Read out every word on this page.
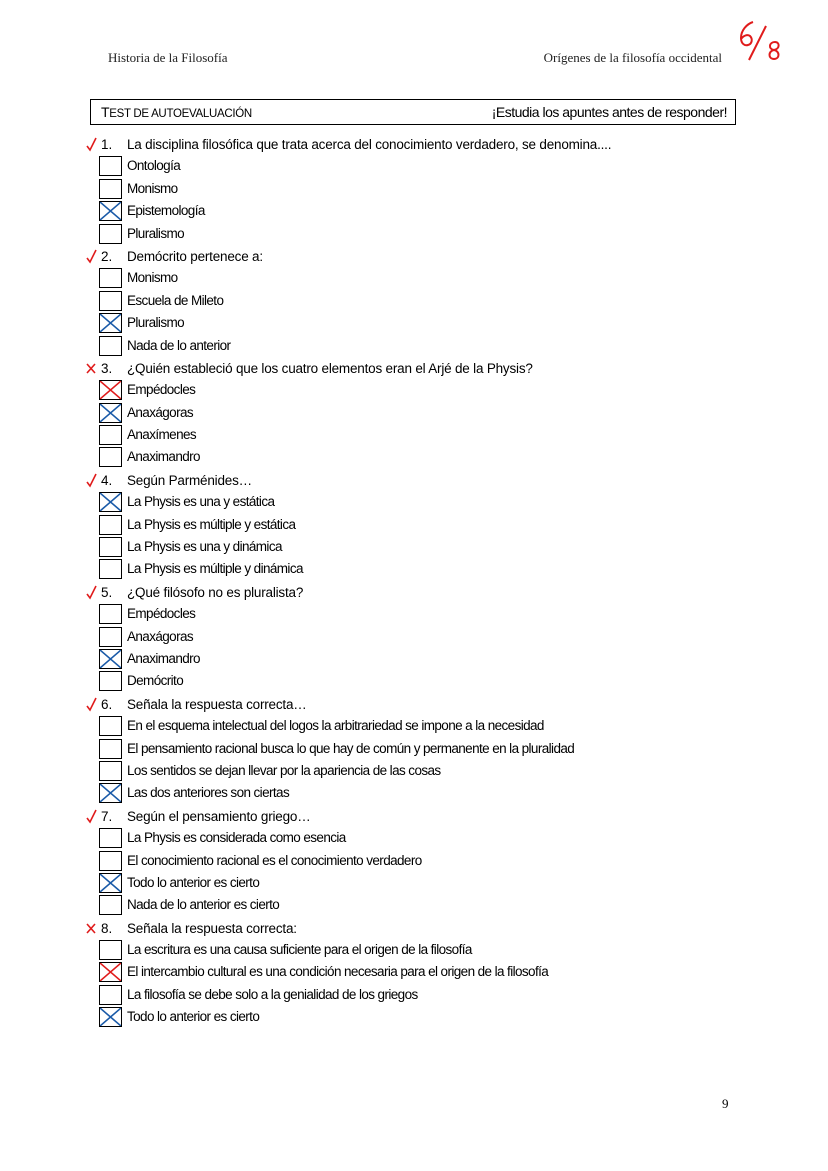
Historia de la Filosofía	Orígenes de la filosofía occidental
TEST DE AUTOEVALUACIÓN	¡Estudia los apuntes antes de responder!
1. La disciplina filosófica que trata acerca del conocimiento verdadero, se denomina....
Ontología
Monismo
Epistemología
Pluralismo
2. Demócrito pertenece a:
Monismo
Escuela de Mileto
Pluralismo
Nada de lo anterior
3. ¿Quién estableció que los cuatro elementos eran el Arjé de la Physis?
Empédocles
Anaxágoras
Anaxímenes
Anaximandro
4. Según Parménides…
La Physis es una y estática
La Physis es múltiple y estática
La Physis es una y dinámica
La Physis es múltiple y dinámica
5. ¿Qué filósofo no es pluralista?
Empédocles
Anaxágoras
Anaximandro
Demócrito
6. Señala la respuesta correcta…
En el esquema intelectual del logos la arbitrariedad se impone a la necesidad
El pensamiento racional busca lo que hay de común y permanente en la pluralidad
Los sentidos se dejan llevar por la apariencia de las cosas
Las dos anteriores son ciertas
7. Según el pensamiento griego…
La Physis es considerada como esencia
El conocimiento racional es el conocimiento verdadero
Todo lo anterior es cierto
Nada de lo anterior es cierto
8. Señala la respuesta correcta:
La escritura es una causa suficiente para el origen de la filosofía
El intercambio cultural es una condición necesaria para el origen de la filosofía
La filosofía se debe solo a la genialidad de los griegos
Todo lo anterior es cierto
9
